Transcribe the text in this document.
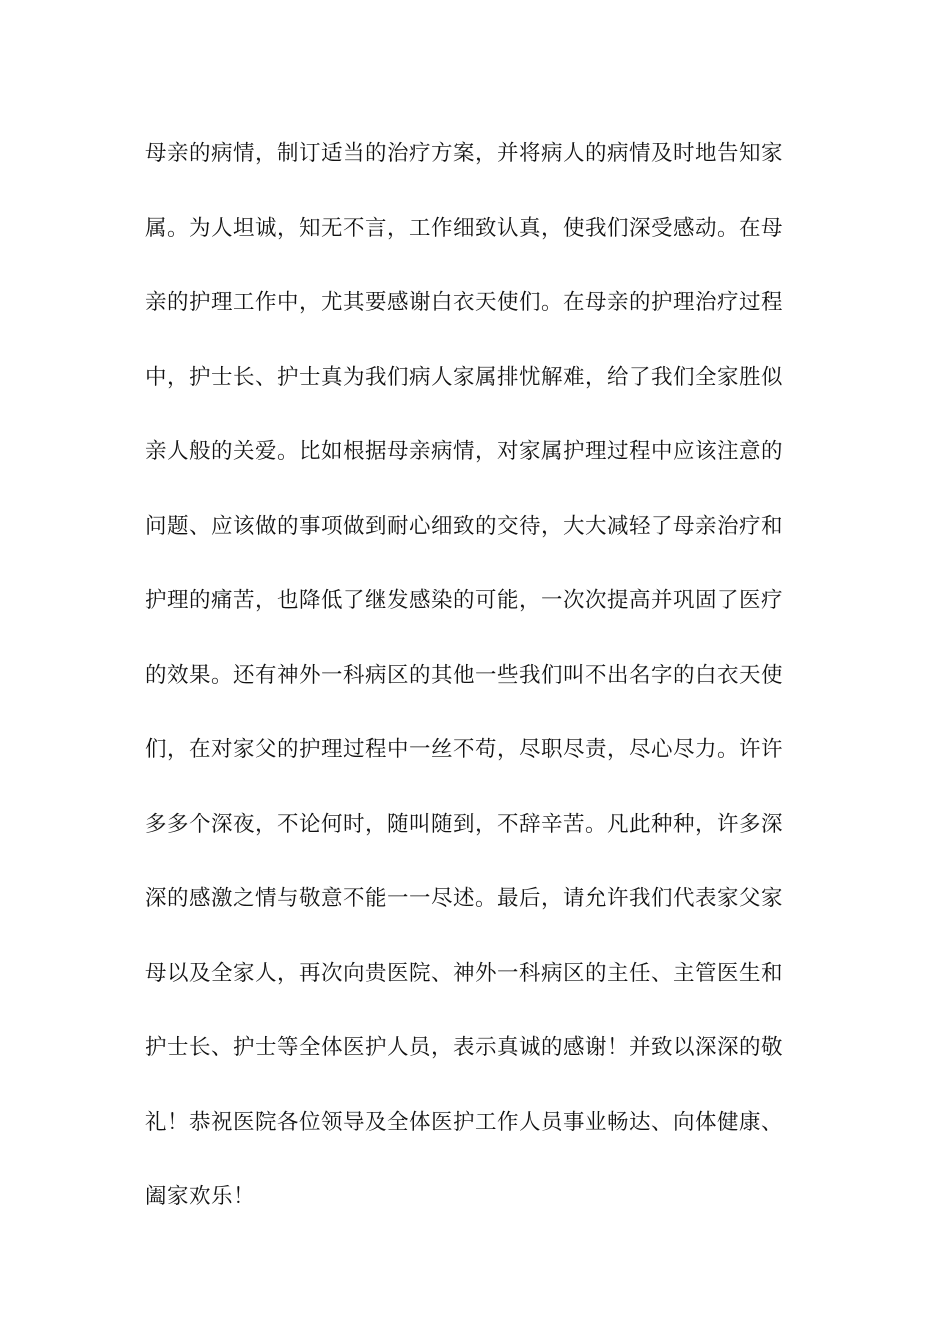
母亲的病情，制订适当的治疗方案，并将病人的病情及时地告知家
属。为人坦诚，知无不言，工作细致认真，使我们深受感动。在母
亲的护理工作中，尤其要感谢白衣天使们。在母亲的护理治疗过程
中，护士长、护士真为我们病人家属排忧解难，给了我们全家胜似
亲人般的关爱。比如根据母亲病情，对家属护理过程中应该注意的
问题、应该做的事项做到耐心细致的交待，大大减轻了母亲治疗和
护理的痛苦，也降低了继发感染的可能，一次次提高并巩固了医疗
的效果。还有神外一科病区的其他一些我们叫不出名字的白衣天使
们，在对家父的护理过程中一丝不苟，尽职尽责，尽心尽力。许许
多多个深夜，不论何时，随叫随到，不辞辛苦。凡此种种，许多深
深的感激之情与敬意不能一一尽述。最后，请允许我们代表家父家
母以及全家人，再次向贵医院、神外一科病区的主任、主管医生和
护士长、护士等全体医护人员，表示真诚的感谢！并致以深深的敬
礼！恭祝医院各位领导及全体医护工作人员事业畅达、向体健康、
阖家欢乐！
